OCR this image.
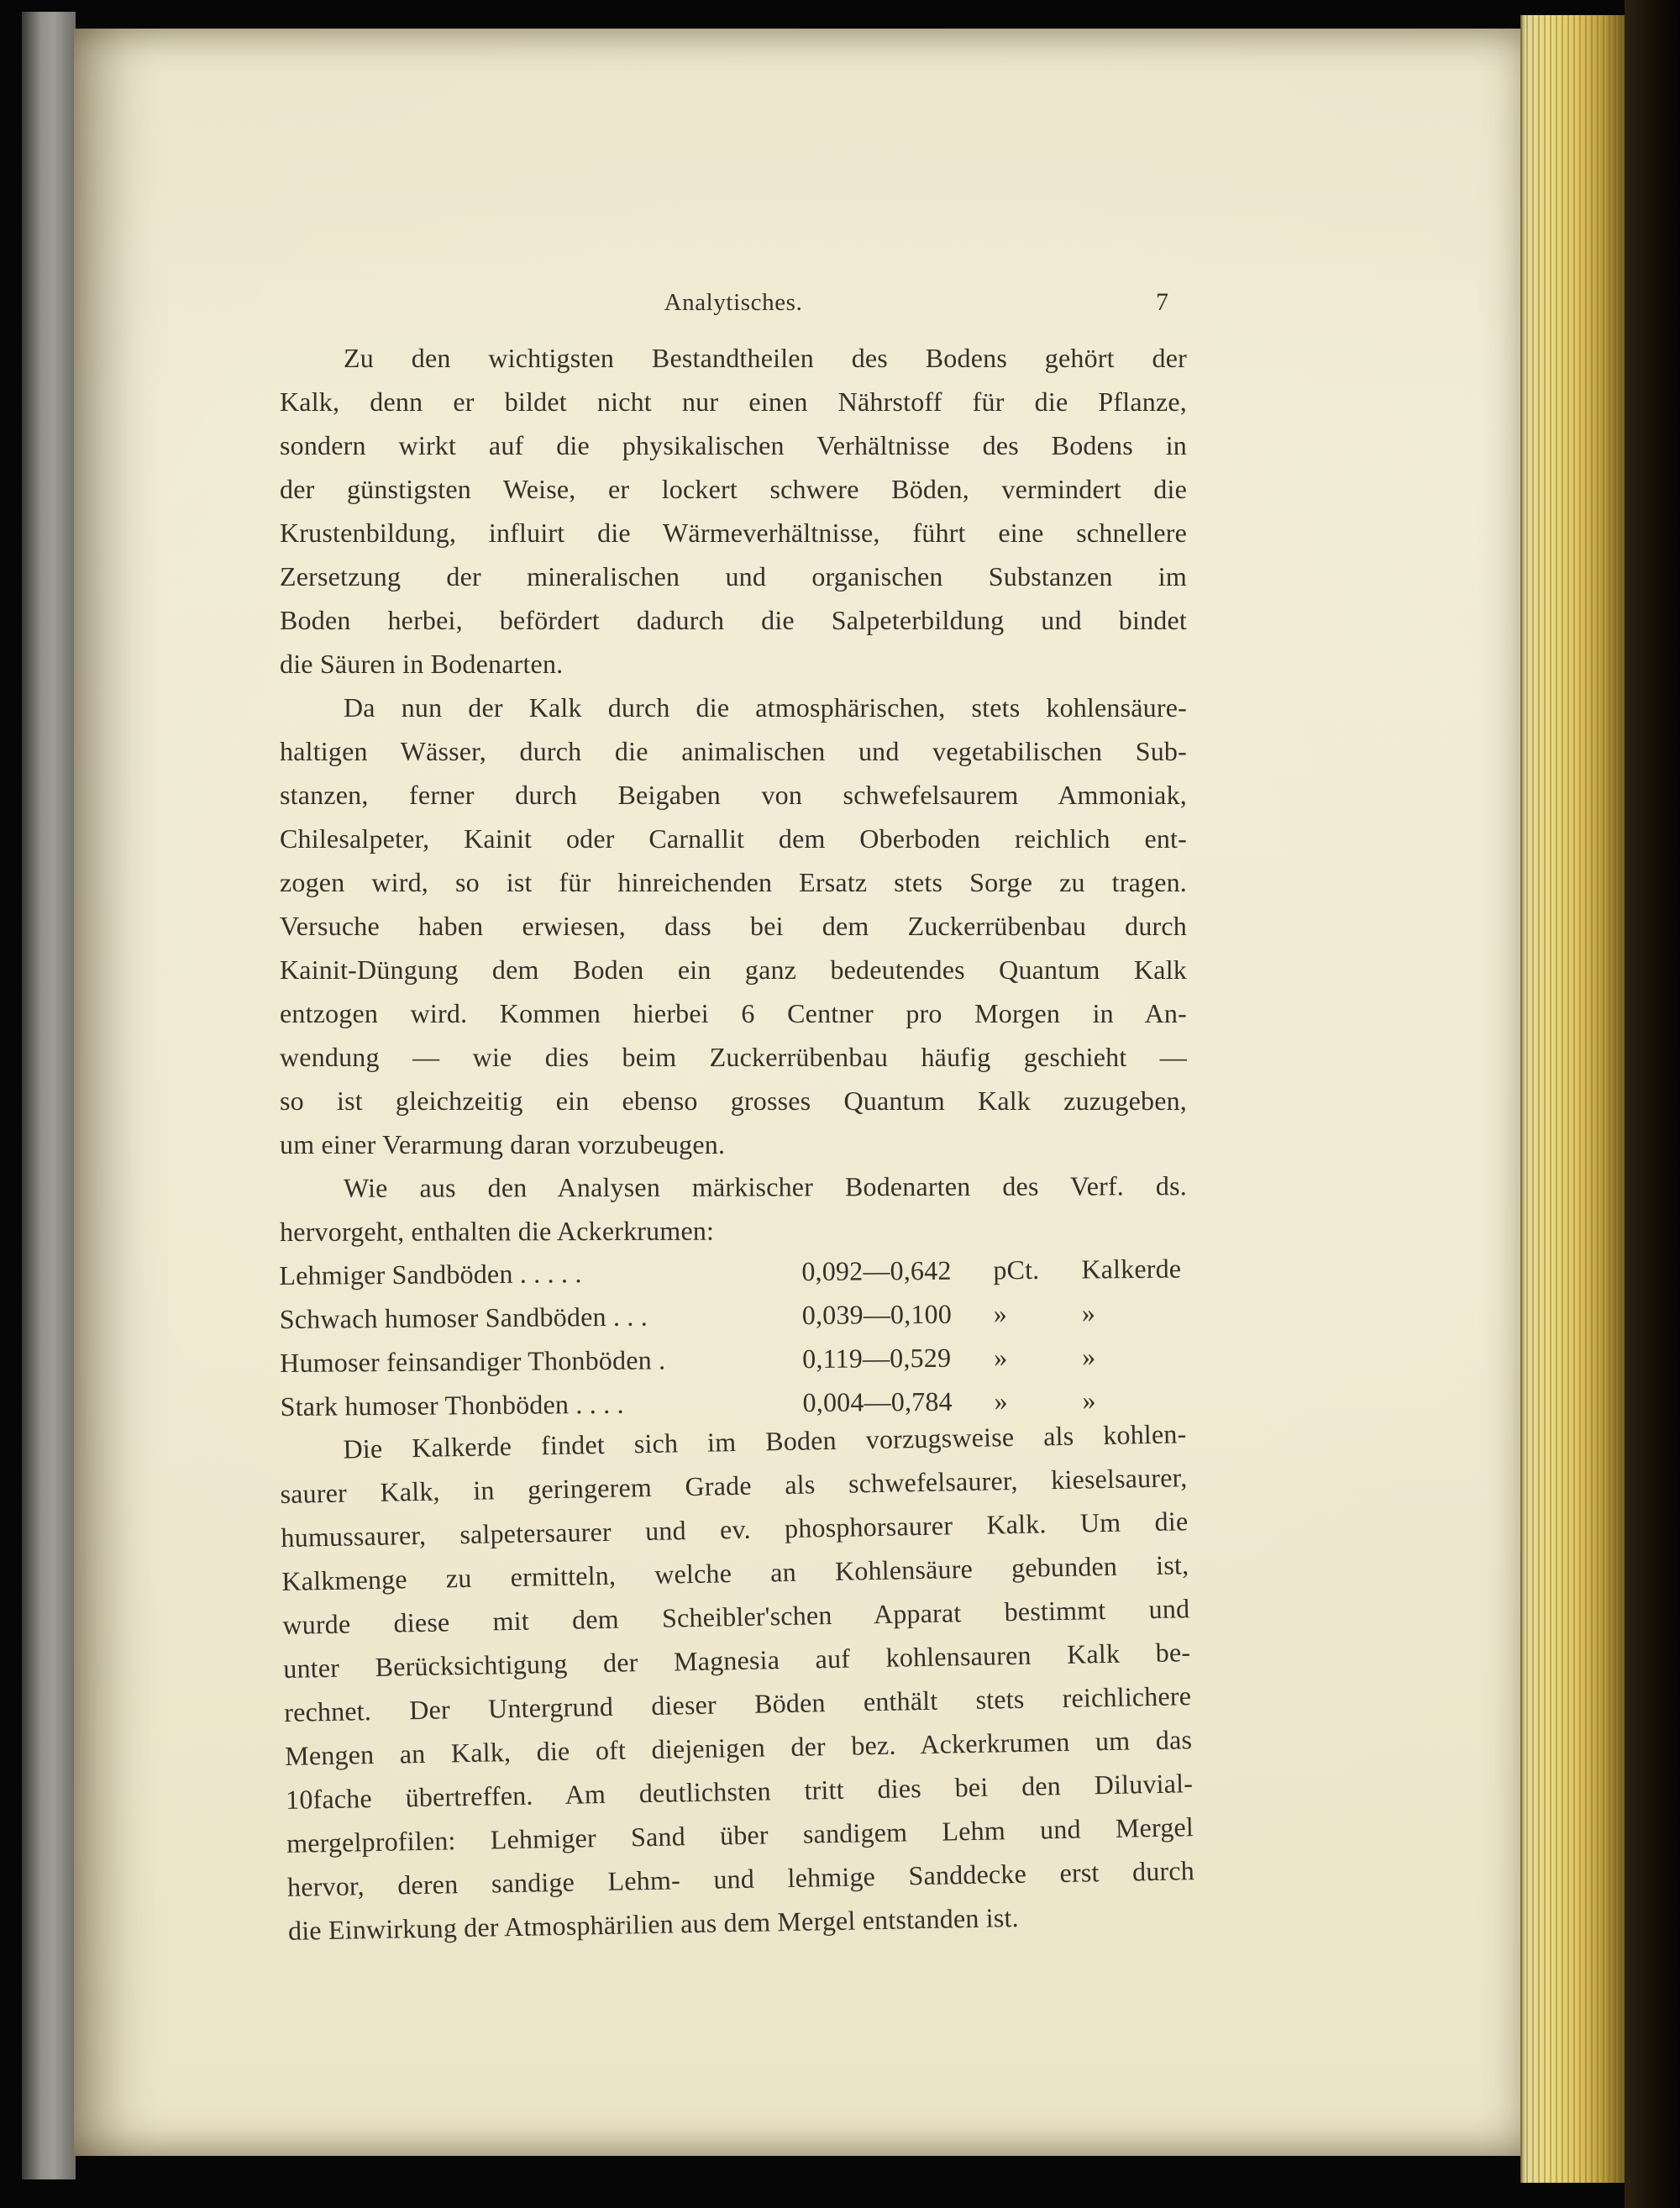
Analytisches.	7
Zu den wichtigsten Bestandtheilen des Bodens gehört der
Kalk, denn er bildet nicht nur einen Nährstoff für die Pflanze,
sondern wirkt auf die physikalischen Verhältnisse des Bodens in
der günstigsten Weise, er lockert schwere Böden, vermindert die
Krustenbildung, influirt die Wärmeverhältnisse, führt eine schnellere
Zersetzung der mineralischen und organischen Substanzen im
Boden herbei, befördert dadurch die Salpeterbildung und bindet
die Säuren in Bodenarten.
Da nun der Kalk durch die atmosphärischen, stets kohlensäure-
haltigen Wässer, durch die animalischen und vegetabilischen Sub-
stanzen, ferner durch Beigaben von schwefelsaurem Ammoniak,
Chilesalpeter, Kainit oder Carnallit dem Oberboden reichlich ent-
zogen wird, so ist für hinreichenden Ersatz stets Sorge zu tragen.
Versuche haben erwiesen, dass bei dem Zuckerrübenbau durch
Kainit-Düngung dem Boden ein ganz bedeutendes Quantum Kalk
entzogen wird. Kommen hierbei 6 Centner pro Morgen in An-
wendung — wie dies beim Zuckerrübenbau häufig geschieht —
so ist gleichzeitig ein ebenso grosses Quantum Kalk zuzugeben,
um einer Verarmung daran vorzubeugen.
Wie aus den Analysen märkischer Bodenarten des Verf. ds.
hervorgeht, enthalten die Ackerkrumen:
Lehmiger Sandböden . . . . .	0,092—0,642	pCt.	Kalkerde
Schwach humoser Sandböden . . .	0,039—0,100	»	»
Humoser feinsandiger Thonböden .	0,119—0,529	»	»
Stark humoser Thonböden . . . .	0,004—0,784	»	»
Die Kalkerde findet sich im Boden vorzugsweise als kohlen-
saurer Kalk, in geringerem Grade als schwefelsaurer, kieselsaurer,
humussaurer, salpetersaurer und ev. phosphorsaurer Kalk. Um die
Kalkmenge zu ermitteln, welche an Kohlensäure gebunden ist,
wurde diese mit dem Scheibler'schen Apparat bestimmt und
unter Berücksichtigung der Magnesia auf kohlensauren Kalk be-
rechnet. Der Untergrund dieser Böden enthält stets reichlichere
Mengen an Kalk, die oft diejenigen der bez. Ackerkrumen um das
10fache übertreffen. Am deutlichsten tritt dies bei den Diluvial-
mergelprofilen: Lehmiger Sand über sandigem Lehm und Mergel
hervor, deren sandige Lehm- und lehmige Sanddecke erst durch
die Einwirkung der Atmosphärilien aus dem Mergel entstanden ist.
